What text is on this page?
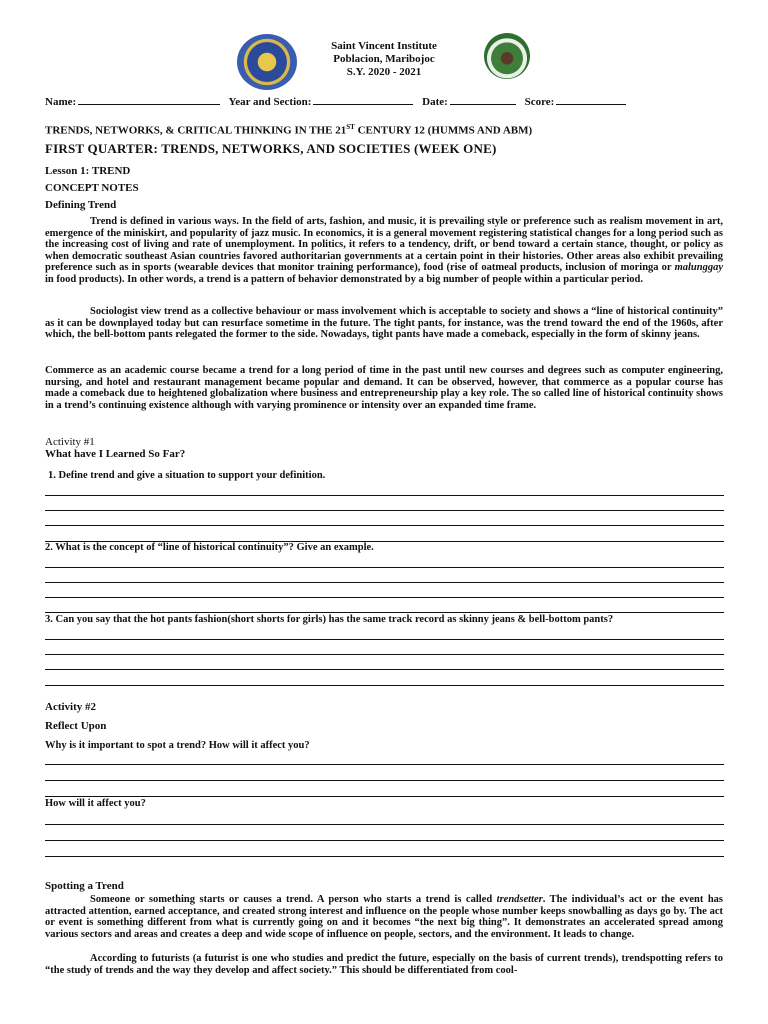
Saint Vincent Institute
Poblacion, Maribojoc
S.Y. 2020 - 2021
Name:	Year and Section:	Date:	Score:
TRENDS, NETWORKS, & CRITICAL THINKING IN THE 21ST CENTURY 12 (HUMMS AND ABM)
FIRST QUARTER: TRENDS, NETWORKS, AND SOCIETIES (WEEK ONE)
Lesson 1: TREND
CONCEPT NOTES
Defining Trend
Trend is defined in various ways. In the field of arts, fashion, and music, it is prevailing style or preference such as realism movement in art, emergence of the miniskirt, and popularity of jazz music. In economics, it is a general movement registering statistical changes for a long period such as the increasing cost of living and rate of unemployment. In politics, it refers to a tendency, drift, or bend toward a certain stance, thought, or policy as when democratic southeast Asian countries favored authoritarian governments at a certain point in their histories. Other areas also exhibit prevailing preference such as in sports (wearable devices that monitor training performance), food (rise of oatmeal products, inclusion of moringa or malunggay in food products). In other words, a trend is a pattern of behavior demonstrated by a big number of people within a particular period.
Sociologist view trend as a collective behaviour or mass involvement which is acceptable to society and shows a “line of historical continuity” as it can be downplayed today but can resurface sometime in the future. The tight pants, for instance, was the trend toward the end of the 1960s, after which, the bell-bottom pants relegated the former to the side. Nowadays, tight pants have made a comeback, especially in the form of skinny jeans.
Commerce as an academic course became a trend for a long period of time in the past until new courses and degrees such as computer engineering, nursing, and hotel and restaurant management became popular and demand. It can be observed, however, that commerce as a popular course has made a comeback due to heightened globalization where business and entrepreneurship play a key role. The so called line of historical continuity shows in a trend’s continuing existence although with varying prominence or intensity over an expanded time frame.
Activity #1
What have I Learned So Far?
1. Define trend and give a situation to support your definition.
2. What is the concept of “line of historical continuity”? Give an example.
3. Can you say that the hot pants fashion(short shorts for girls) has the same track record as skinny jeans & bell-bottom pants?
Activity #2
Reflect Upon
Why is it important to spot a trend? How will it affect you?
How will it affect you?
Spotting a Trend
Someone or something starts or causes a trend. A person who starts a trend is called trendsetter. The individual’s act or the event has attracted attention, earned acceptance, and created strong interest and influence on the people whose number keeps snowballing as days go by. The act or event is something different from what is currently going on and it becomes “the next big thing”. It demonstrates an accelerated spread among various sectors and areas and creates a deep and wide scope of influence on people, sectors, and the environment. It leads to change.
According to futurists (a futurist is one who studies and predict the future, especially on the basis of current trends), trendspotting refers to “the study of trends and the way they develop and affect society.” This should be differentiated from cool-
